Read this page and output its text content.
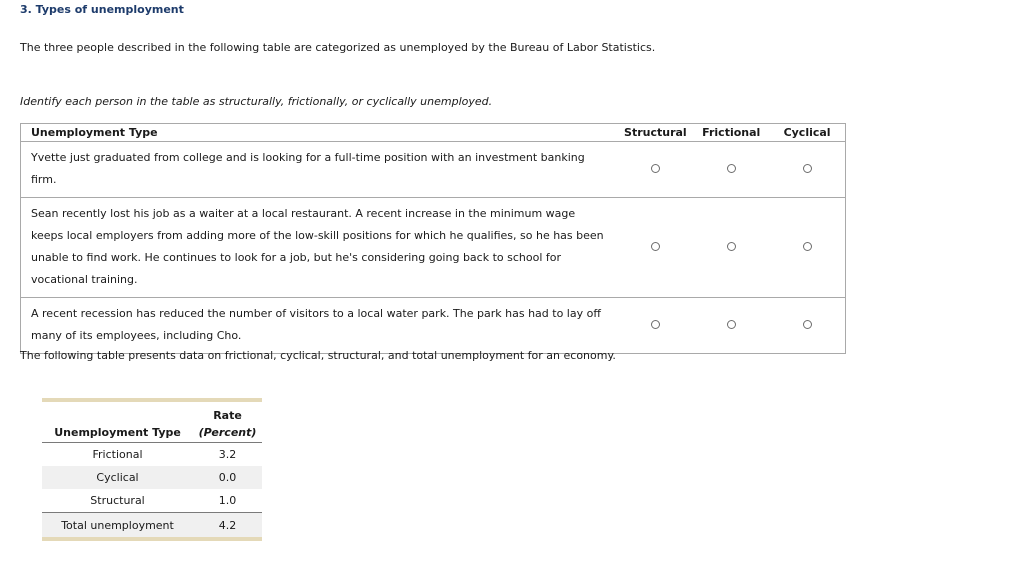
3. Types of unemployment
The three people described in the following table are categorized as unemployed by the Bureau of Labor Statistics.
Identify each person in the table as structurally, frictionally, or cyclically unemployed.
Unemployment Type	Structural	Frictional	Cyclical
Yvette just graduated from college and is looking for a full-time position with an investment banking firm.			
Sean recently lost his job as a waiter at a local restaurant. A recent increase in the minimum wage keeps local employers from adding more of the low-skill positions for which he qualifies, so he has been unable to find work. He continues to look for a job, but he's considering going back to school for vocational training.			
A recent recession has reduced the number of visitors to a local water park. The park has had to lay off many of its employees, including Cho.			
The following table presents data on frictional, cyclical, structural, and total unemployment for an economy.

	Rate
Unemployment Type	(Percent)
Frictional	3.2
Cyclical	0.0
Structural	1.0
Total unemployment	4.2
